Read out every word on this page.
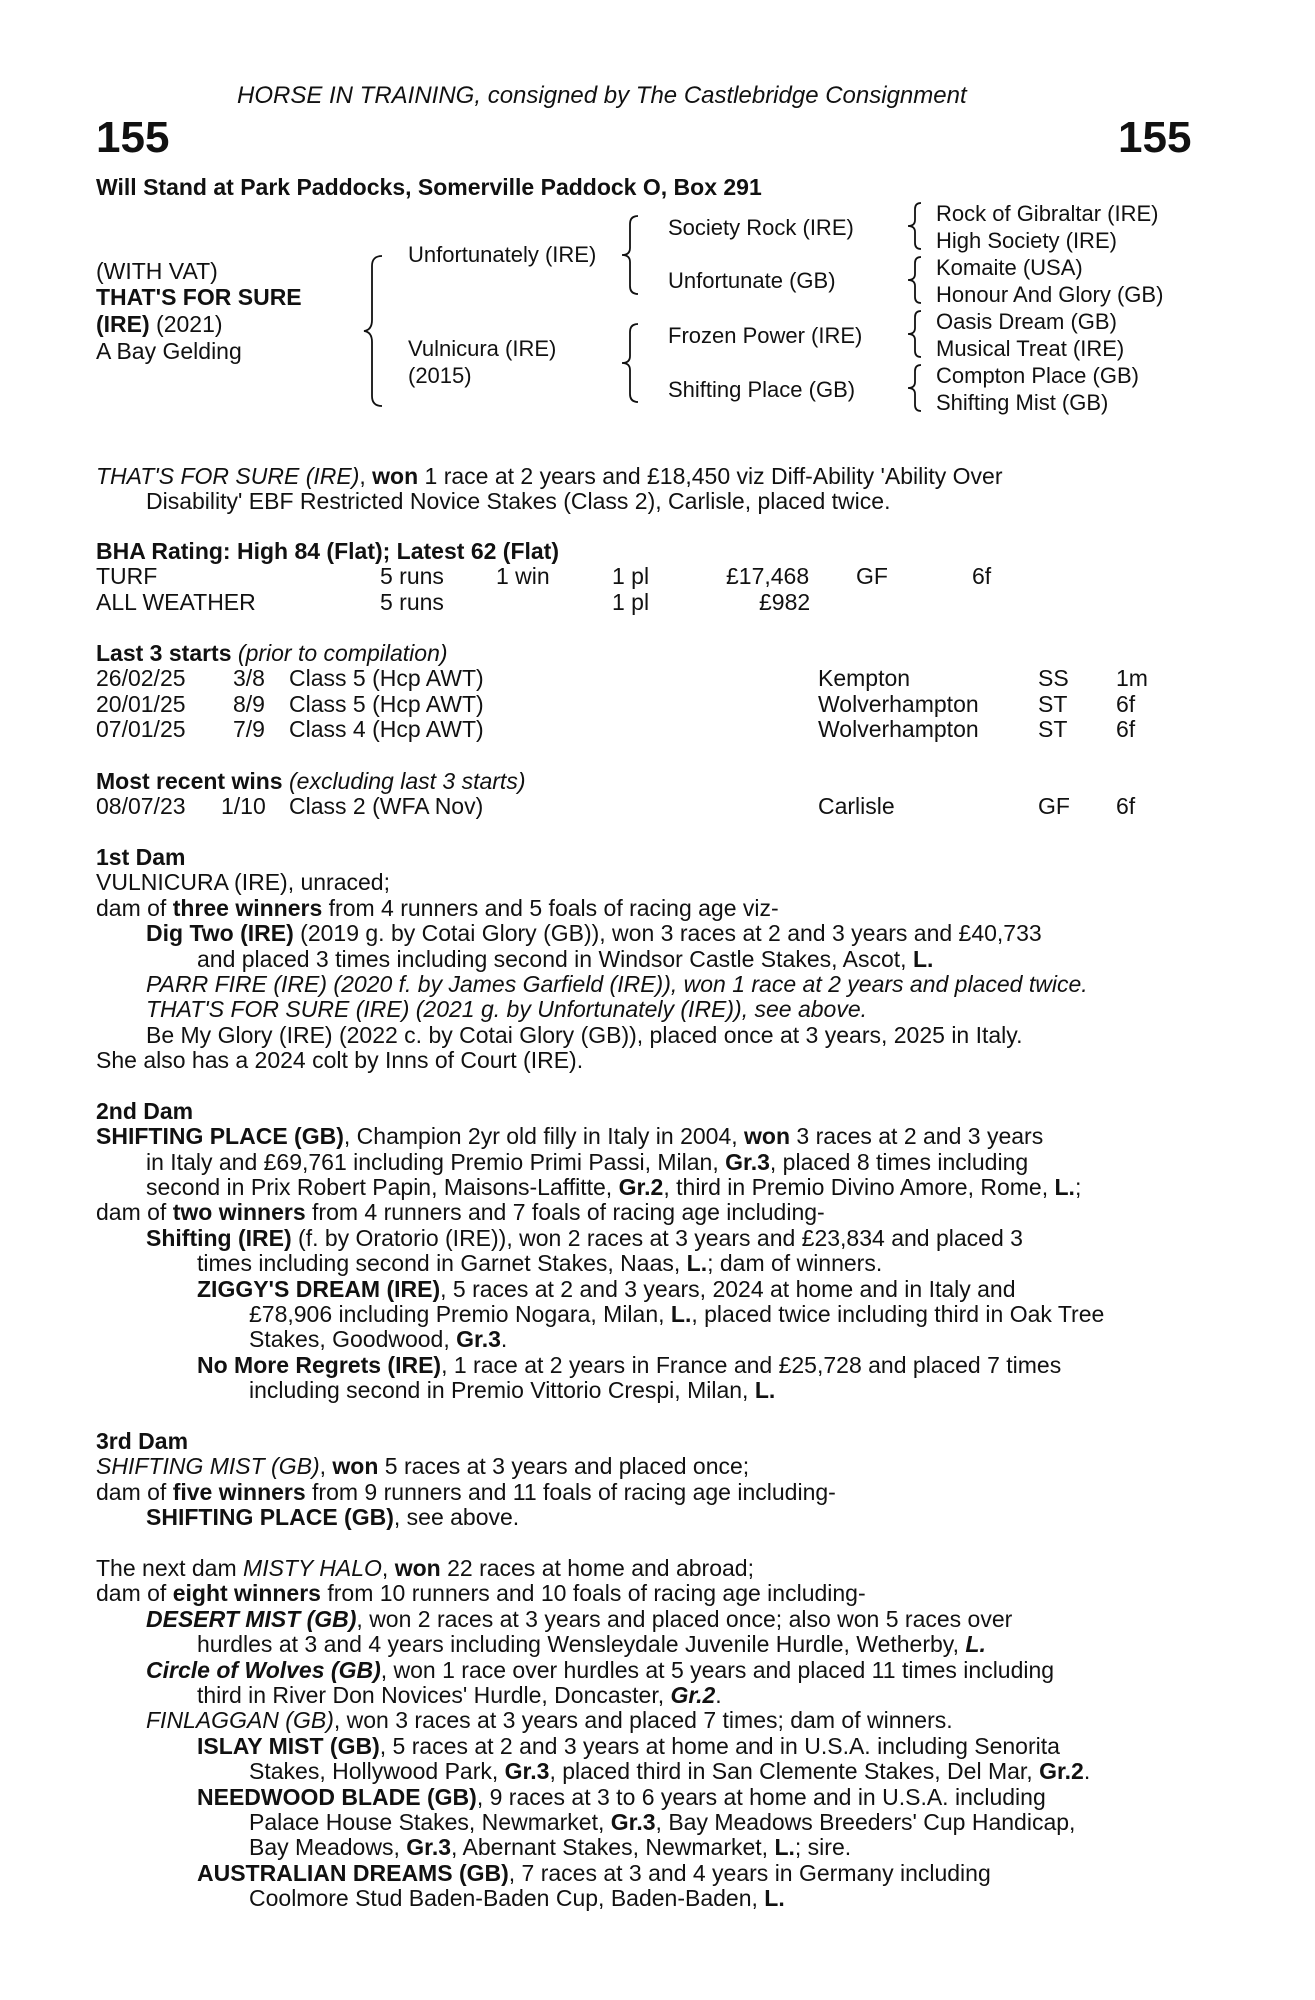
HORSE IN TRAINING, consigned by The Castlebridge Consignment
155	155
Will Stand at Park Paddocks, Somerville Paddock O, Box 291
(WITH VAT)
THAT'S FOR SURE
(IRE) (2021)
A Bay Gelding
Unfortunately (IRE)
Vulnicura (IRE)
(2015)
Society Rock (IRE)
Unfortunate (GB)
Frozen Power (IRE)
Shifting Place (GB)
Rock of Gibraltar (IRE)
High Society (IRE)
Komaite (USA)
Honour And Glory (GB)
Oasis Dream (GB)
Musical Treat (IRE)
Compton Place (GB)
Shifting Mist (GB)
THAT'S FOR SURE (IRE), won 1 race at 2 years and £18,450 viz Diff-Ability 'Ability Over
Disability' EBF Restricted Novice Stakes (Class 2), Carlisle, placed twice.
BHA Rating: High 84 (Flat); Latest 62 (Flat)
TURF	5 runs 1 win	1 pl	£17,468 GF	6f
ALL WEATHER	5 runs	1 pl	£982
Last 3 starts (prior to compilation)
26/02/25 3/8 Class 5 (Hcp AWT)	Kempton	SS 1m
20/01/25 8/9 Class 5 (Hcp AWT)	Wolverhampton	ST 6f
07/01/25 7/9 Class 4 (Hcp AWT)	Wolverhampton	ST 6f
Most recent wins (excluding last 3 starts)
08/07/23 1/10 Class 2 (WFA Nov)	Carlisle	GF 6f
1st Dam
VULNICURA (IRE), unraced;
dam of three winners from 4 runners and 5 foals of racing age viz-
Dig Two (IRE) (2019 g. by Cotai Glory (GB)), won 3 races at 2 and 3 years and £40,733
and placed 3 times including second in Windsor Castle Stakes, Ascot, L.
PARR FIRE (IRE) (2020 f. by James Garfield (IRE)), won 1 race at 2 years and placed twice.
THAT'S FOR SURE (IRE) (2021 g. by Unfortunately (IRE)), see above.
Be My Glory (IRE) (2022 c. by Cotai Glory (GB)), placed once at 3 years, 2025 in Italy.
She also has a 2024 colt by Inns of Court (IRE).
2nd Dam
SHIFTING PLACE (GB), Champion 2yr old filly in Italy in 2004, won 3 races at 2 and 3 years
in Italy and £69,761 including Premio Primi Passi, Milan, Gr.3, placed 8 times including
second in Prix Robert Papin, Maisons-Laffitte, Gr.2, third in Premio Divino Amore, Rome, L.;
dam of two winners from 4 runners and 7 foals of racing age including-
Shifting (IRE) (f. by Oratorio (IRE)), won 2 races at 3 years and £23,834 and placed 3
times including second in Garnet Stakes, Naas, L.; dam of winners.
ZIGGY'S DREAM (IRE), 5 races at 2 and 3 years, 2024 at home and in Italy and
£78,906 including Premio Nogara, Milan, L., placed twice including third in Oak Tree
Stakes, Goodwood, Gr.3.
No More Regrets (IRE), 1 race at 2 years in France and £25,728 and placed 7 times
including second in Premio Vittorio Crespi, Milan, L.
3rd Dam
SHIFTING MIST (GB), won 5 races at 3 years and placed once;
dam of five winners from 9 runners and 11 foals of racing age including-
SHIFTING PLACE (GB), see above.
The next dam MISTY HALO, won 22 races at home and abroad;
dam of eight winners from 10 runners and 10 foals of racing age including-
DESERT MIST (GB), won 2 races at 3 years and placed once; also won 5 races over
hurdles at 3 and 4 years including Wensleydale Juvenile Hurdle, Wetherby, L.
Circle of Wolves (GB), won 1 race over hurdles at 5 years and placed 11 times including
third in River Don Novices' Hurdle, Doncaster, Gr.2.
FINLAGGAN (GB), won 3 races at 3 years and placed 7 times; dam of winners.
ISLAY MIST (GB), 5 races at 2 and 3 years at home and in U.S.A. including Senorita
Stakes, Hollywood Park, Gr.3, placed third in San Clemente Stakes, Del Mar, Gr.2.
NEEDWOOD BLADE (GB), 9 races at 3 to 6 years at home and in U.S.A. including
Palace House Stakes, Newmarket, Gr.3, Bay Meadows Breeders' Cup Handicap,
Bay Meadows, Gr.3, Abernant Stakes, Newmarket, L.; sire.
AUSTRALIAN DREAMS (GB), 7 races at 3 and 4 years in Germany including
Coolmore Stud Baden-Baden Cup, Baden-Baden, L.
